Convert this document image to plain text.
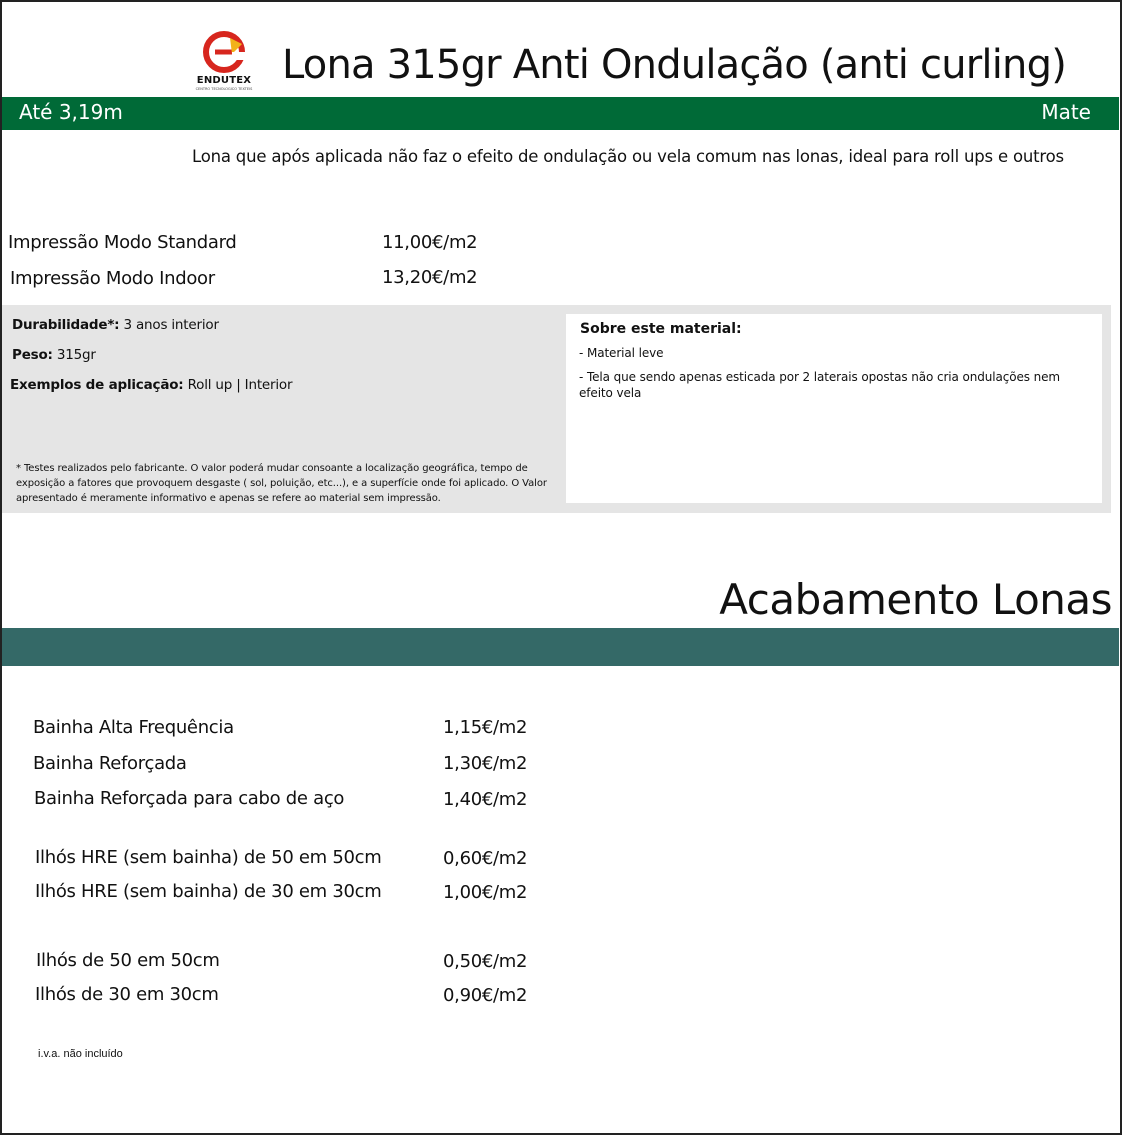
ENDUTEX
CENTRO TECNOLOGICO TEXTEIS
Lona 315gr Anti Ondulação (anti curling)
Até 3,19m	Mate
Lona que após aplicada não faz o efeito de ondulação ou vela comum nas lonas, ideal para roll ups e outros
Impressão Modo Standard	11,00€/m2
Impressão Modo Indoor	13,20€/m2
Durabilidade*: 3 anos interior
Peso: 315gr
Exemplos de aplicação: Roll up | Interior
* Testes realizados pelo fabricante. O valor poderá mudar consoante a localização geográfica, tempo de exposição a fatores que provoquem desgaste ( sol, poluição, etc...), e a superfície onde foi aplicado. O Valor apresentado é meramente informativo e apenas se refere ao material sem impressão.
Sobre este material:
- Material leve
- Tela que sendo apenas esticada por 2 laterais opostas não cria ondulações nem efeito vela
Acabamento Lonas
Bainha Alta Frequência	1,15€/m2
Bainha Reforçada	1,30€/m2
Bainha Reforçada para cabo de aço	1,40€/m2
Ilhós HRE (sem bainha) de 50 em 50cm	0,60€/m2
Ilhós HRE (sem bainha) de 30 em 30cm	1,00€/m2
Ilhós de 50 em 50cm	0,50€/m2
Ilhós de 30 em 30cm	0,90€/m2
i.v.a. não incluído
